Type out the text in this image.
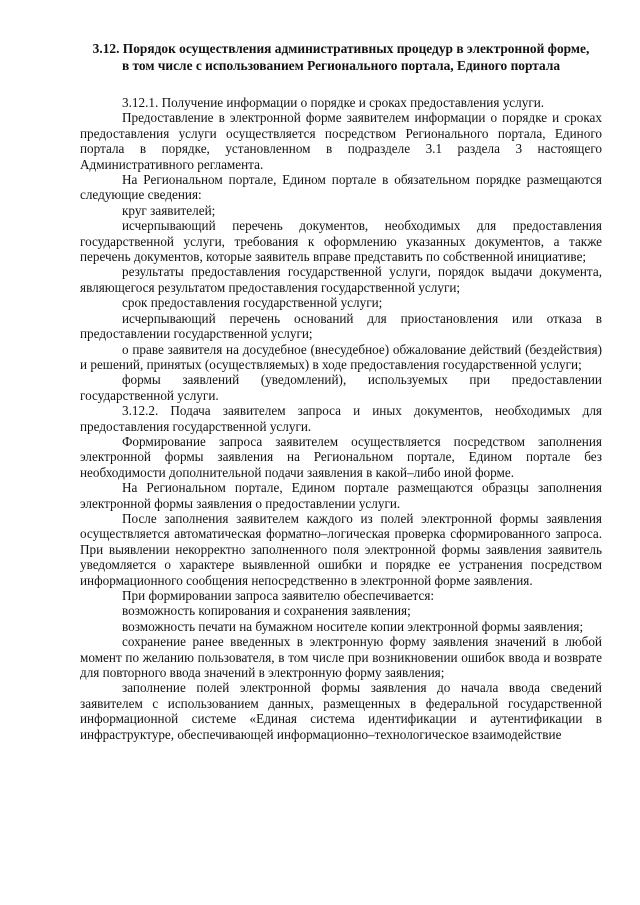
3.12. Порядок осуществления административных процедур в электронной форме,
в том числе с использованием Регионального портала, Единого портала

3.12.1. Получение информации о порядке и сроках предоставления услуги.

Предоставление в электронной форме заявителем информации о порядке и сроках предоставления услуги осуществляется посредством Регионального портала, Единого портала в порядке, установленном в подразделе 3.1 раздела 3 настоящего Административного регламента.

На Региональном портале, Едином портале в обязательном порядке размещаются следующие сведения:

круг заявителей;

исчерпывающий перечень документов, необходимых для предоставления государственной услуги, требования к оформлению указанных документов, а также перечень документов, которые заявитель вправе представить по собственной инициативе;

результаты предоставления государственной услуги, порядок выдачи документа, являющегося результатом предоставления государственной услуги;

срок предоставления государственной услуги;

исчерпывающий перечень оснований для приостановления или отказа в предоставлении государственной услуги;

о праве заявителя на досудебное (внесудебное) обжалование действий (бездействия) и решений, принятых (осуществляемых) в ходе предоставления государственной услуги;

формы заявлений (уведомлений), используемых при предоставлении государственной услуги.

3.12.2. Подача заявителем запроса и иных документов, необходимых для предоставления государственной услуги.

Формирование запроса заявителем осуществляется посредством заполнения электронной формы заявления на Региональном портале, Едином портале без необходимости дополнительной подачи заявления в какой–либо иной форме.

На Региональном портале, Едином портале размещаются образцы заполнения электронной формы заявления о предоставлении услуги.

После заполнения заявителем каждого из полей электронной формы заявления осуществляется автоматическая форматно–логическая проверка сформированного запроса. При выявлении некорректно заполненного поля электронной формы заявления заявитель уведомляется о характере выявленной ошибки и порядке ее устранения посредством информационного сообщения непосредственно в электронной форме заявления.

При формировании запроса заявителю обеспечивается:

возможность копирования и сохранения заявления;

возможность печати на бумажном носителе копии электронной формы заявления;

сохранение ранее введенных в электронную форму заявления значений в любой момент по желанию пользователя, в том числе при возникновении ошибок ввода и возврате для повторного ввода значений в электронную форму заявления;

заполнение полей электронной формы заявления до начала ввода сведений заявителем с использованием данных, размещенных в федеральной государственной информационной системе «Единая система идентификации и аутентификации в инфраструктуре, обеспечивающей информационно–технологическое взаимодействие
